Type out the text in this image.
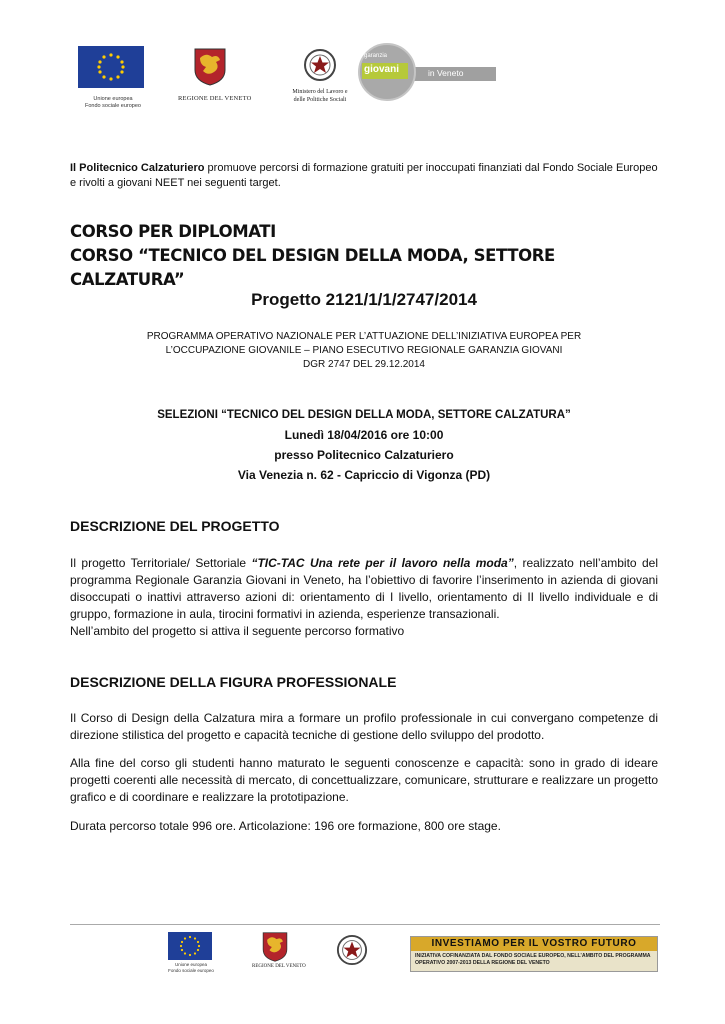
Unione europea
Fondo sociale europeo
REGIONE DEL VENETO
Ministero del Lavoro e
delle Politiche Sociali
in Veneto
garanzia
giovani
Il Politecnico Calzaturiero promuove percorsi di formazione gratuiti per inoccupati finanziati dal Fondo Sociale Europeo e rivolti a giovani NEET nei seguenti target.
CORSO PER DIPLOMATI
CORSO “TECNICO DEL DESIGN DELLA MODA, SETTORE CALZATURA”
Progetto 2121/1/1/2747/2014
PROGRAMMA OPERATIVO NAZIONALE PER L’ATTUAZIONE DELL’INIZIATIVA EUROPEA PER
L’OCCUPAZIONE GIOVANILE – PIANO ESECUTIVO REGIONALE GARANZIA GIOVANI
DGR 2747 DEL 29.12.2014
SELEZIONI “TECNICO DEL DESIGN DELLA MODA, SETTORE CALZATURA”
Lunedì 18/04/2016 ore 10:00
presso Politecnico Calzaturiero
Via Venezia n. 62 - Capriccio di Vigonza (PD)
DESCRIZIONE DEL PROGETTO
Il progetto Territoriale/ Settoriale “TIC-TAC Una rete per il lavoro nella moda”, realizzato nell’ambito del programma Regionale Garanzia Giovani in Veneto, ha l’obiettivo di favorire l’inserimento in azienda di giovani disoccupati o inattivi attraverso azioni di: orientamento di I livello, orientamento di II livello individuale e di gruppo, formazione in aula, tirocini formativi in azienda, esperienze transazionali.
Nell’ambito del progetto si attiva il seguente percorso formativo
DESCRIZIONE DELLA FIGURA PROFESSIONALE
Il Corso di Design della Calzatura mira a formare un profilo professionale in cui convergano competenze di direzione stilistica del progetto e capacità tecniche di gestione dello sviluppo del prodotto.
Alla fine del corso gli studenti hanno maturato le seguenti conoscenze e capacità: sono in grado di ideare progetti coerenti alle necessità di mercato, di concettualizzare, comunicare, strutturare e realizzare un progetto grafico e di coordinare e realizzare la prototipazione.
Durata percorso totale 996 ore. Articolazione: 196 ore formazione, 800 ore stage.
Unione europea
Fondo sociale europeo
REGIONE DEL VENETO
INVESTIAMO PER IL VOSTRO FUTURO
INIZIATIVA COFINANZIATA DAL FONDO SOCIALE EUROPEO, NELL’AMBITO DEL PROGRAMMA OPERATIVO 2007-2013 DELLA REGIONE DEL VENETO
